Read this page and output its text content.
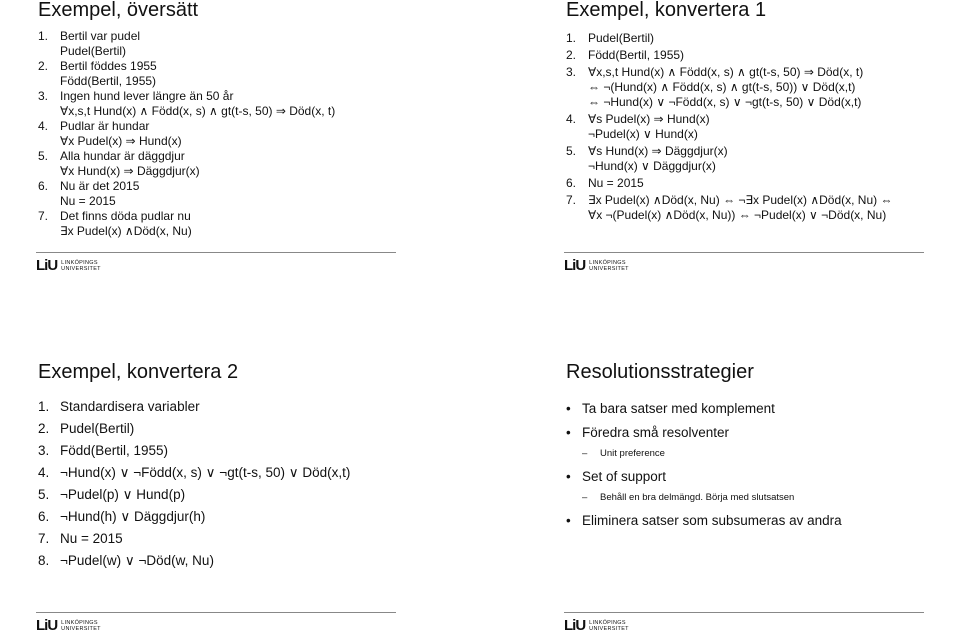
Exempel, översätt
1. Bertil var pudel
Pudel(Bertil)
2. Bertil föddes 1955
Född(Bertil, 1955)
3. Ingen hund lever längre än 50 år
∀x,s,t Hund(x) ∧ Född(x, s) ∧ gt(t-s, 50) ⇒ Död(x, t)
4. Pudlar är hundar
∀x Pudel(x) ⇒ Hund(x)
5. Alla hundar är däggdjur
∀x Hund(x) ⇒ Däggdjur(x)
6. Nu är det 2015
Nu = 2015
7. Det finns döda pudlar nu
∃x Pudel(x) ∧Död(x, Nu)
Exempel, konvertera 1
1. Pudel(Bertil)
2. Född(Bertil, 1955)
3. ∀x,s,t Hund(x) ∧ Född(x, s) ∧ gt(t-s, 50) ⇒ Död(x, t)
⇔ ¬(Hund(x) ∧ Född(x, s) ∧ gt(t-s, 50)) ∨ Död(x,t)
⇔ ¬Hund(x) ∨ ¬Född(x, s) ∨ ¬gt(t-s, 50) ∨ Död(x,t)
4. ∀s Pudel(x) ⇒ Hund(x)
¬Pudel(x) ∨ Hund(x)
5. ∀s Hund(x) ⇒ Däggdjur(x)
¬Hund(x) ∨ Däggdjur(x)
6. Nu = 2015
7. ∃x Pudel(x) ∧Död(x, Nu) ⇔ ¬∃x Pudel(x) ∧Död(x, Nu) ⇔
∀x ¬(Pudel(x) ∧Död(x, Nu)) ⇔ ¬Pudel(x) ∨ ¬Död(x, Nu)
Exempel, konvertera 2
1. Standardisera variabler
2. Pudel(Bertil)
3. Född(Bertil, 1955)
4. ¬Hund(x) ∨ ¬Född(x, s) ∨ ¬gt(t-s, 50) ∨ Död(x,t)
5. ¬Pudel(p) ∨ Hund(p)
6. ¬Hund(h) ∨ Däggdjur(h)
7. Nu = 2015
8. ¬Pudel(w) ∨ ¬Död(w, Nu)
Resolutionsstrategier
• Ta bara satser med komplement
• Föredra små resolventer
– Unit preference
• Set of support
– Behåll en bra delmängd. Börja med slutsatsen
• Eliminera satser som subsumeras av andra
LiU LINKÖPINGS
UNIVERSITET	LiU LINKÖPINGS
UNIVERSITET
LiU LINKÖPINGS
UNIVERSITET	LiU LINKÖPINGS
UNIVERSITET
